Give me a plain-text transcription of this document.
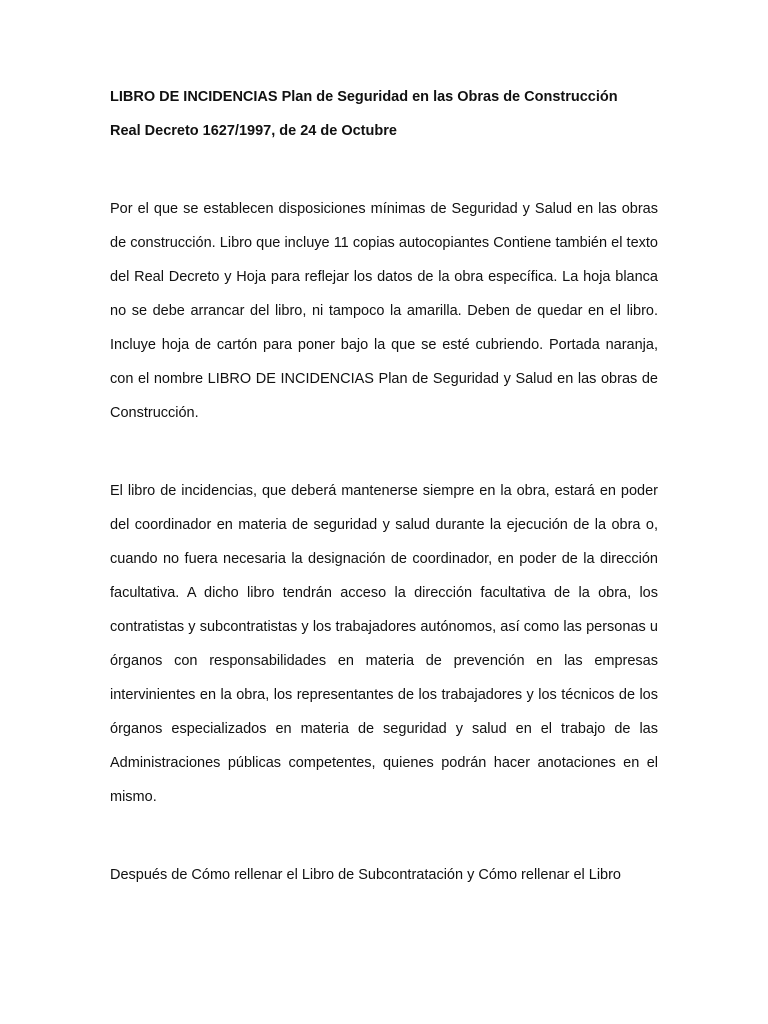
LIBRO DE INCIDENCIAS Plan de Seguridad en las Obras de Construcción

Real Decreto 1627/1997, de 24 de Octubre

Por el que se establecen disposiciones mínimas de Seguridad y Salud en las obras de construcción. Libro que incluye 11 copias autocopiantes Contiene también el texto del Real Decreto y Hoja para reflejar los datos de la obra específica. La hoja blanca no se debe arrancar del libro, ni tampoco la amarilla. Deben de quedar en el libro. Incluye hoja de cartón para poner bajo la que se esté cubriendo. Portada naranja, con el nombre LIBRO DE INCIDENCIAS Plan de Seguridad y Salud en las obras de Construcción.

El libro de incidencias, que deberá mantenerse siempre en la obra, estará en poder del coordinador en materia de seguridad y salud durante la ejecución de la obra o, cuando no fuera necesaria la designación de coordinador, en poder de la dirección facultativa. A dicho libro tendrán acceso la dirección facultativa de la obra, los contratistas y subcontratistas y los trabajadores autónomos, así como las personas u órganos con responsabilidades en materia de prevención en las empresas intervinientes en la obra, los representantes de los trabajadores y los técnicos de los órganos especializados en materia de seguridad y salud en el trabajo de las Administraciones públicas competentes, quienes podrán hacer anotaciones en el mismo.

Después de Cómo rellenar el Libro de Subcontratación y Cómo rellenar el Libro
